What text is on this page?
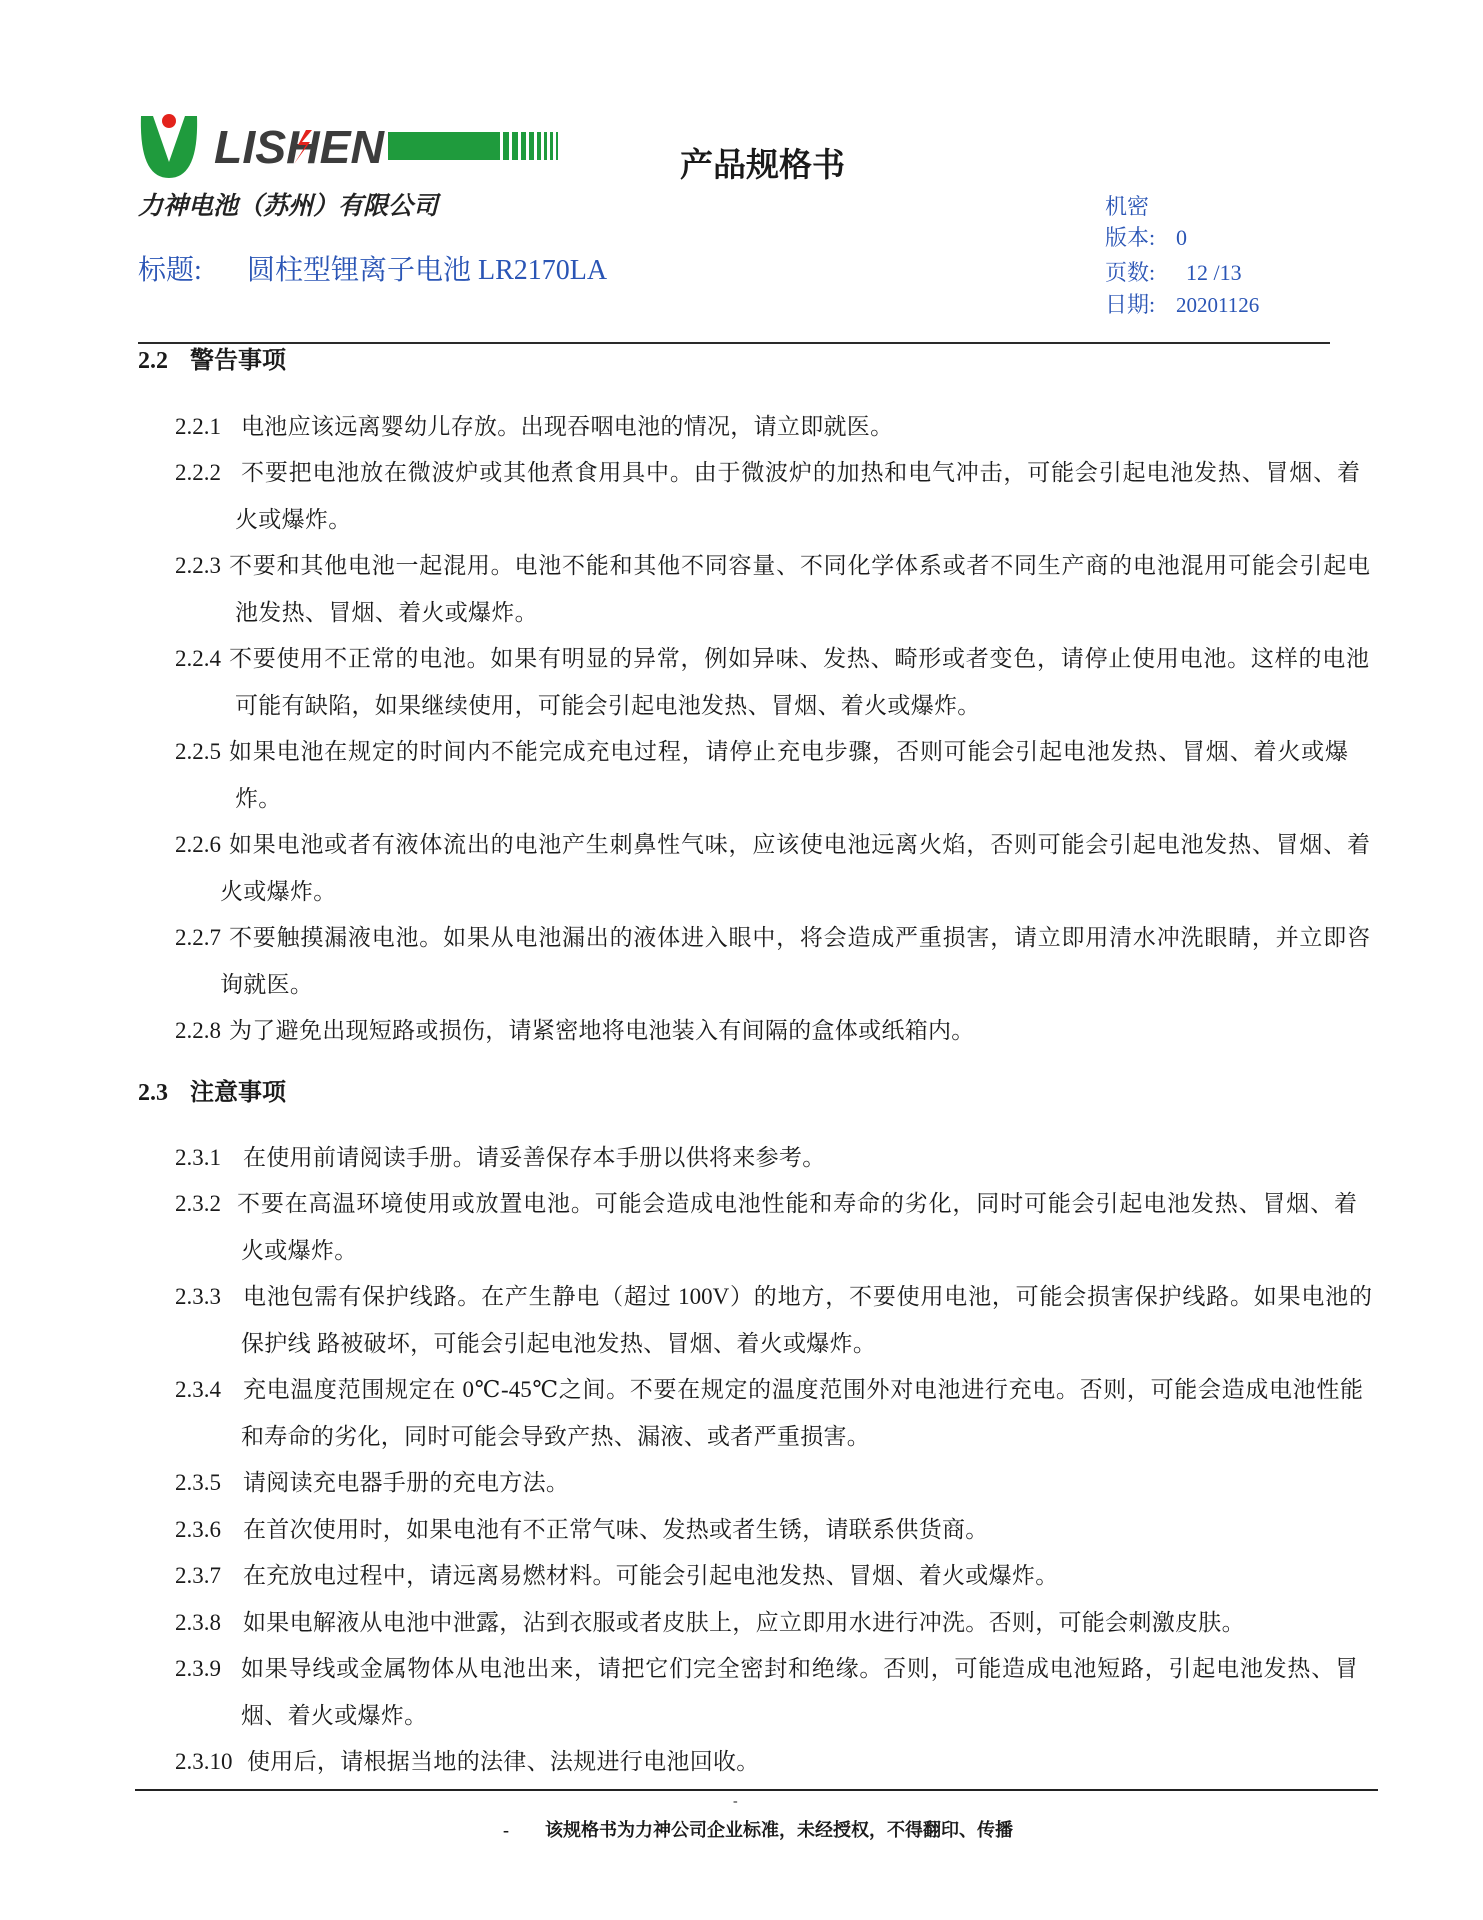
LISHEN	产品规格书
力神电池（苏州）有限公司
标题: 圆柱型锂离子电池 LR2170LA
机密
版本: 0
页数: 12 /13
日期: 20201126
2.2 警告事项
2.2.1 电池应该远离婴幼儿存放。出现吞咽电池的情况，请立即就医。
2.2.2 不要把电池放在微波炉或其他煮食用具中。由于微波炉的加热和电气冲击，可能会引起电池发热、冒烟、着
火或爆炸。
2.2.3 不要和其他电池一起混用。电池不能和其他不同容量、不同化学体系或者不同生产商的电池混用可能会引起电
池发热、冒烟、着火或爆炸。
2.2.4 不要使用不正常的电池。如果有明显的异常，例如异味、发热、畸形或者变色，请停止使用电池。这样的电池
可能有缺陷，如果继续使用，可能会引起电池发热、冒烟、着火或爆炸。
2.2.5 如果电池在规定的时间内不能完成充电过程，请停止充电步骤，否则可能会引起电池发热、冒烟、着火或爆
炸。
2.2.6 如果电池或者有液体流出的电池产生刺鼻性气味，应该使电池远离火焰，否则可能会引起电池发热、冒烟、着
火或爆炸。
2.2.7 不要触摸漏液电池。如果从电池漏出的液体进入眼中，将会造成严重损害，请立即用清水冲洗眼睛，并立即咨
询就医。
2.2.8 为了避免出现短路或损伤，请紧密地将电池装入有间隔的盒体或纸箱内。
2.3 注意事项
2.3.1 在使用前请阅读手册。请妥善保存本手册以供将来参考。
2.3.2 不要在高温环境使用或放置电池。可能会造成电池性能和寿命的劣化，同时可能会引起电池发热、冒烟、着
火或爆炸。
2.3.3 电池包需有保护线路。在产生静电（超过 100V）的地方，不要使用电池，可能会损害保护线路。如果电池的
保护线 路被破坏，可能会引起电池发热、冒烟、着火或爆炸。
2.3.4 充电温度范围规定在 0℃-45℃之间。不要在规定的温度范围外对电池进行充电。否则，可能会造成电池性能
和寿命的劣化，同时可能会导致产热、漏液、或者严重损害。
2.3.5 请阅读充电器手册的充电方法。
2.3.6 在首次使用时，如果电池有不正常气味、发热或者生锈，请联系供货商。
2.3.7 在充放电过程中，请远离易燃材料。可能会引起电池发热、冒烟、着火或爆炸。
2.3.8 如果电解液从电池中泄露，沾到衣服或者皮肤上，应立即用水进行冲洗。否则，可能会刺激皮肤。
2.3.9 如果导线或金属物体从电池出来，请把它们完全密封和绝缘。否则，可能造成电池短路，引起电池发热、冒
烟、着火或爆炸。
2.3.10 使用后，请根据当地的法律、法规进行电池回收。
-
- 该规格书为力神公司企业标准，未经授权，不得翻印、传播
